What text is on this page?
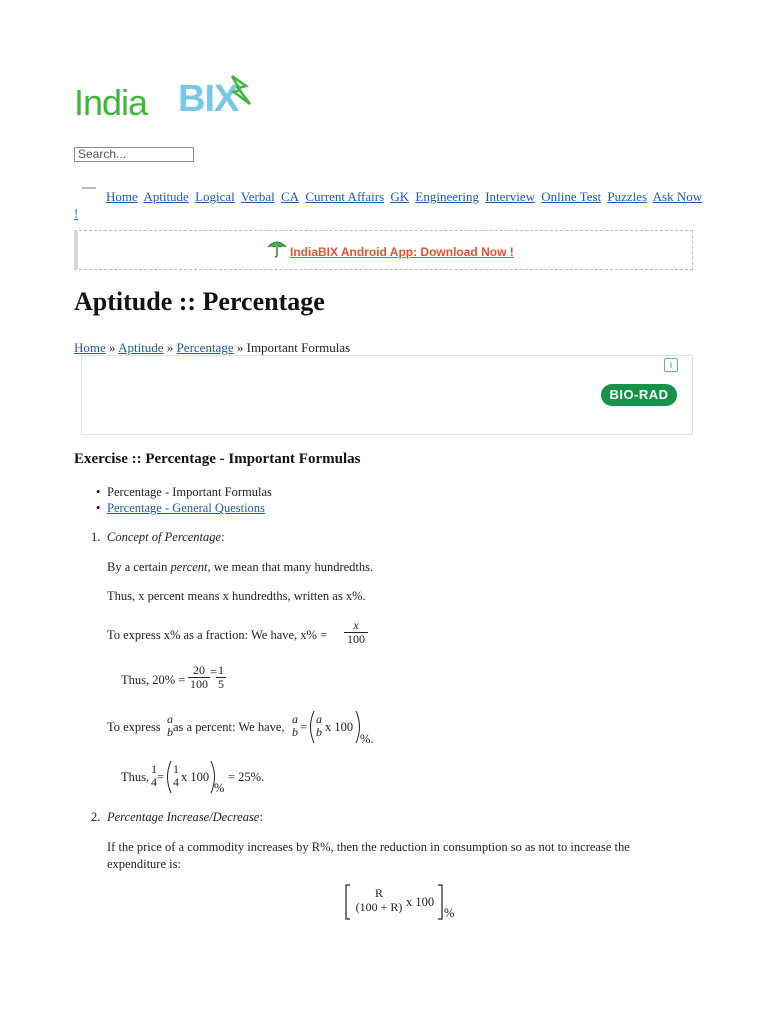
India BIX
Search...
Home Aptitude Logical Verbal CA Current Affairs GK Engineering Interview Online Test Puzzles Ask Now
!
IndiaBIX Android App: Download Now !
Aptitude :: Percentage
Home » Aptitude » Percentage » Important Formulas
i
BIO-RAD
Exercise :: Percentage - Important Formulas
• Percentage - Important Formulas
• Percentage - General Questions
1. Concept of Percentage:
By a certain percent, we mean that many hundredths.
Thus, x percent means x hundredths, written as x%.
To express x% as a fraction: We have, $x\% = \frac{x}{100}$
Thus, $20\% = \frac{20}{100}$ =
$\frac{1}{5}$
To express
a
b as a percent: We have,
a
b =
a
b x 100
%.
Thus,
1
4 =
1
4 x 100
%
= 25%.
2. Percentage Increase/Decrease:
If the price of a commodity increases by R%, then the reduction in consumption so as not to increase the
expenditure is:
R
(100 + R) x 100
%
